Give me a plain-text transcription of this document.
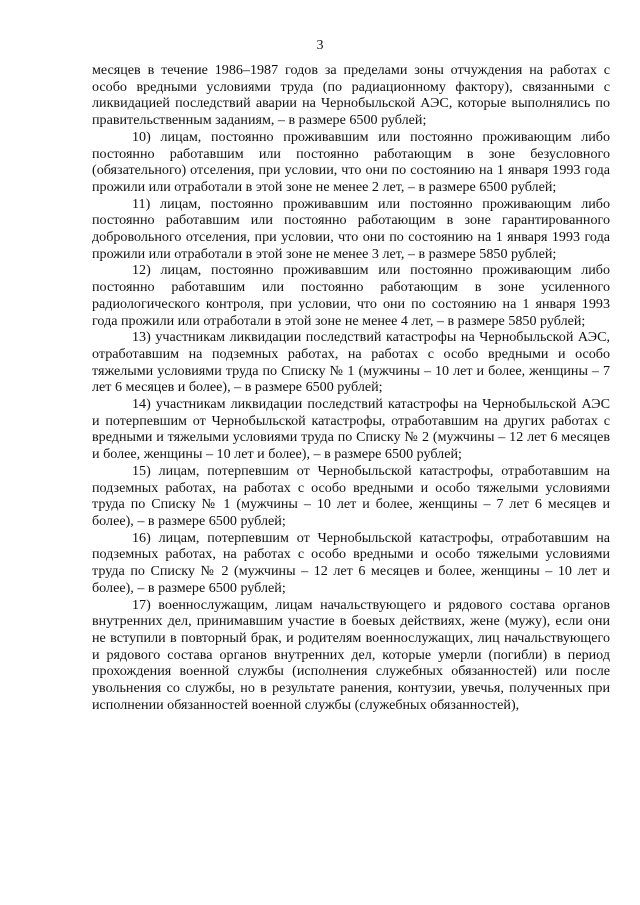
3

месяцев в течение 1986–1987 годов за пределами зоны отчуждения на работах с особо вредными условиями труда (по радиационному фактору), связанными с ликвидацией последствий аварии на Чернобыльской АЭС, которые выполнялись по правительственным заданиям, – в размере 6500 рублей;

10) лицам, постоянно проживавшим или постоянно проживающим либо постоянно работавшим или постоянно работающим в зоне безусловного (обязательного) отселения, при условии, что они по состоянию на 1 января 1993 года прожили или отработали в этой зоне не менее 2 лет, – в размере 6500 рублей;

11) лицам, постоянно проживавшим или постоянно проживающим либо постоянно работавшим или постоянно работающим в зоне гарантированного добровольного отселения, при условии, что они по состоянию на 1 января 1993 года прожили или отработали в этой зоне не менее 3 лет, – в размере 5850 рублей;

12) лицам, постоянно проживавшим или постоянно проживающим либо постоянно работавшим или постоянно работающим в зоне усиленного радиологического контроля, при условии, что они по состоянию на 1 января 1993 года прожили или отработали в этой зоне не менее 4 лет, – в размере 5850 рублей;

13) участникам ликвидации последствий катастрофы на Чернобыльской АЭС, отработавшим на подземных работах, на работах с особо вредными и особо тяжелыми условиями труда по Списку № 1 (мужчины – 10 лет и более, женщины – 7 лет 6 месяцев и более), – в размере 6500 рублей;

14) участникам ликвидации последствий катастрофы на Чернобыльской АЭС и потерпевшим от Чернобыльской катастрофы, отработавшим на других работах с вредными и тяжелыми условиями труда по Списку № 2 (мужчины – 12 лет 6 месяцев и более, женщины – 10 лет и более), – в размере 6500 рублей;

15) лицам, потерпевшим от Чернобыльской катастрофы, отработавшим на подземных работах, на работах с особо вредными и особо тяжелыми условиями труда по Списку № 1 (мужчины – 10 лет и более, женщины – 7 лет 6 месяцев и более), – в размере 6500 рублей;

16) лицам, потерпевшим от Чернобыльской катастрофы, отработавшим на подземных работах, на работах с особо вредными и особо тяжелыми условиями труда по Списку № 2 (мужчины – 12 лет 6 месяцев и более, женщины – 10 лет и более), – в размере 6500 рублей;

17) военнослужащим, лицам начальствующего и рядового состава органов внутренних дел, принимавшим участие в боевых действиях, жене (мужу), если они не вступили в повторный брак, и родителям военнослужащих, лиц начальствующего и рядового состава органов внутренних дел, которые умерли (погибли) в период прохождения военной службы (исполнения служебных обязанностей) или после увольнения со службы, но в результате ранения, контузии, увечья, полученных при исполнении обязанностей военной службы (служебных обязанностей),
